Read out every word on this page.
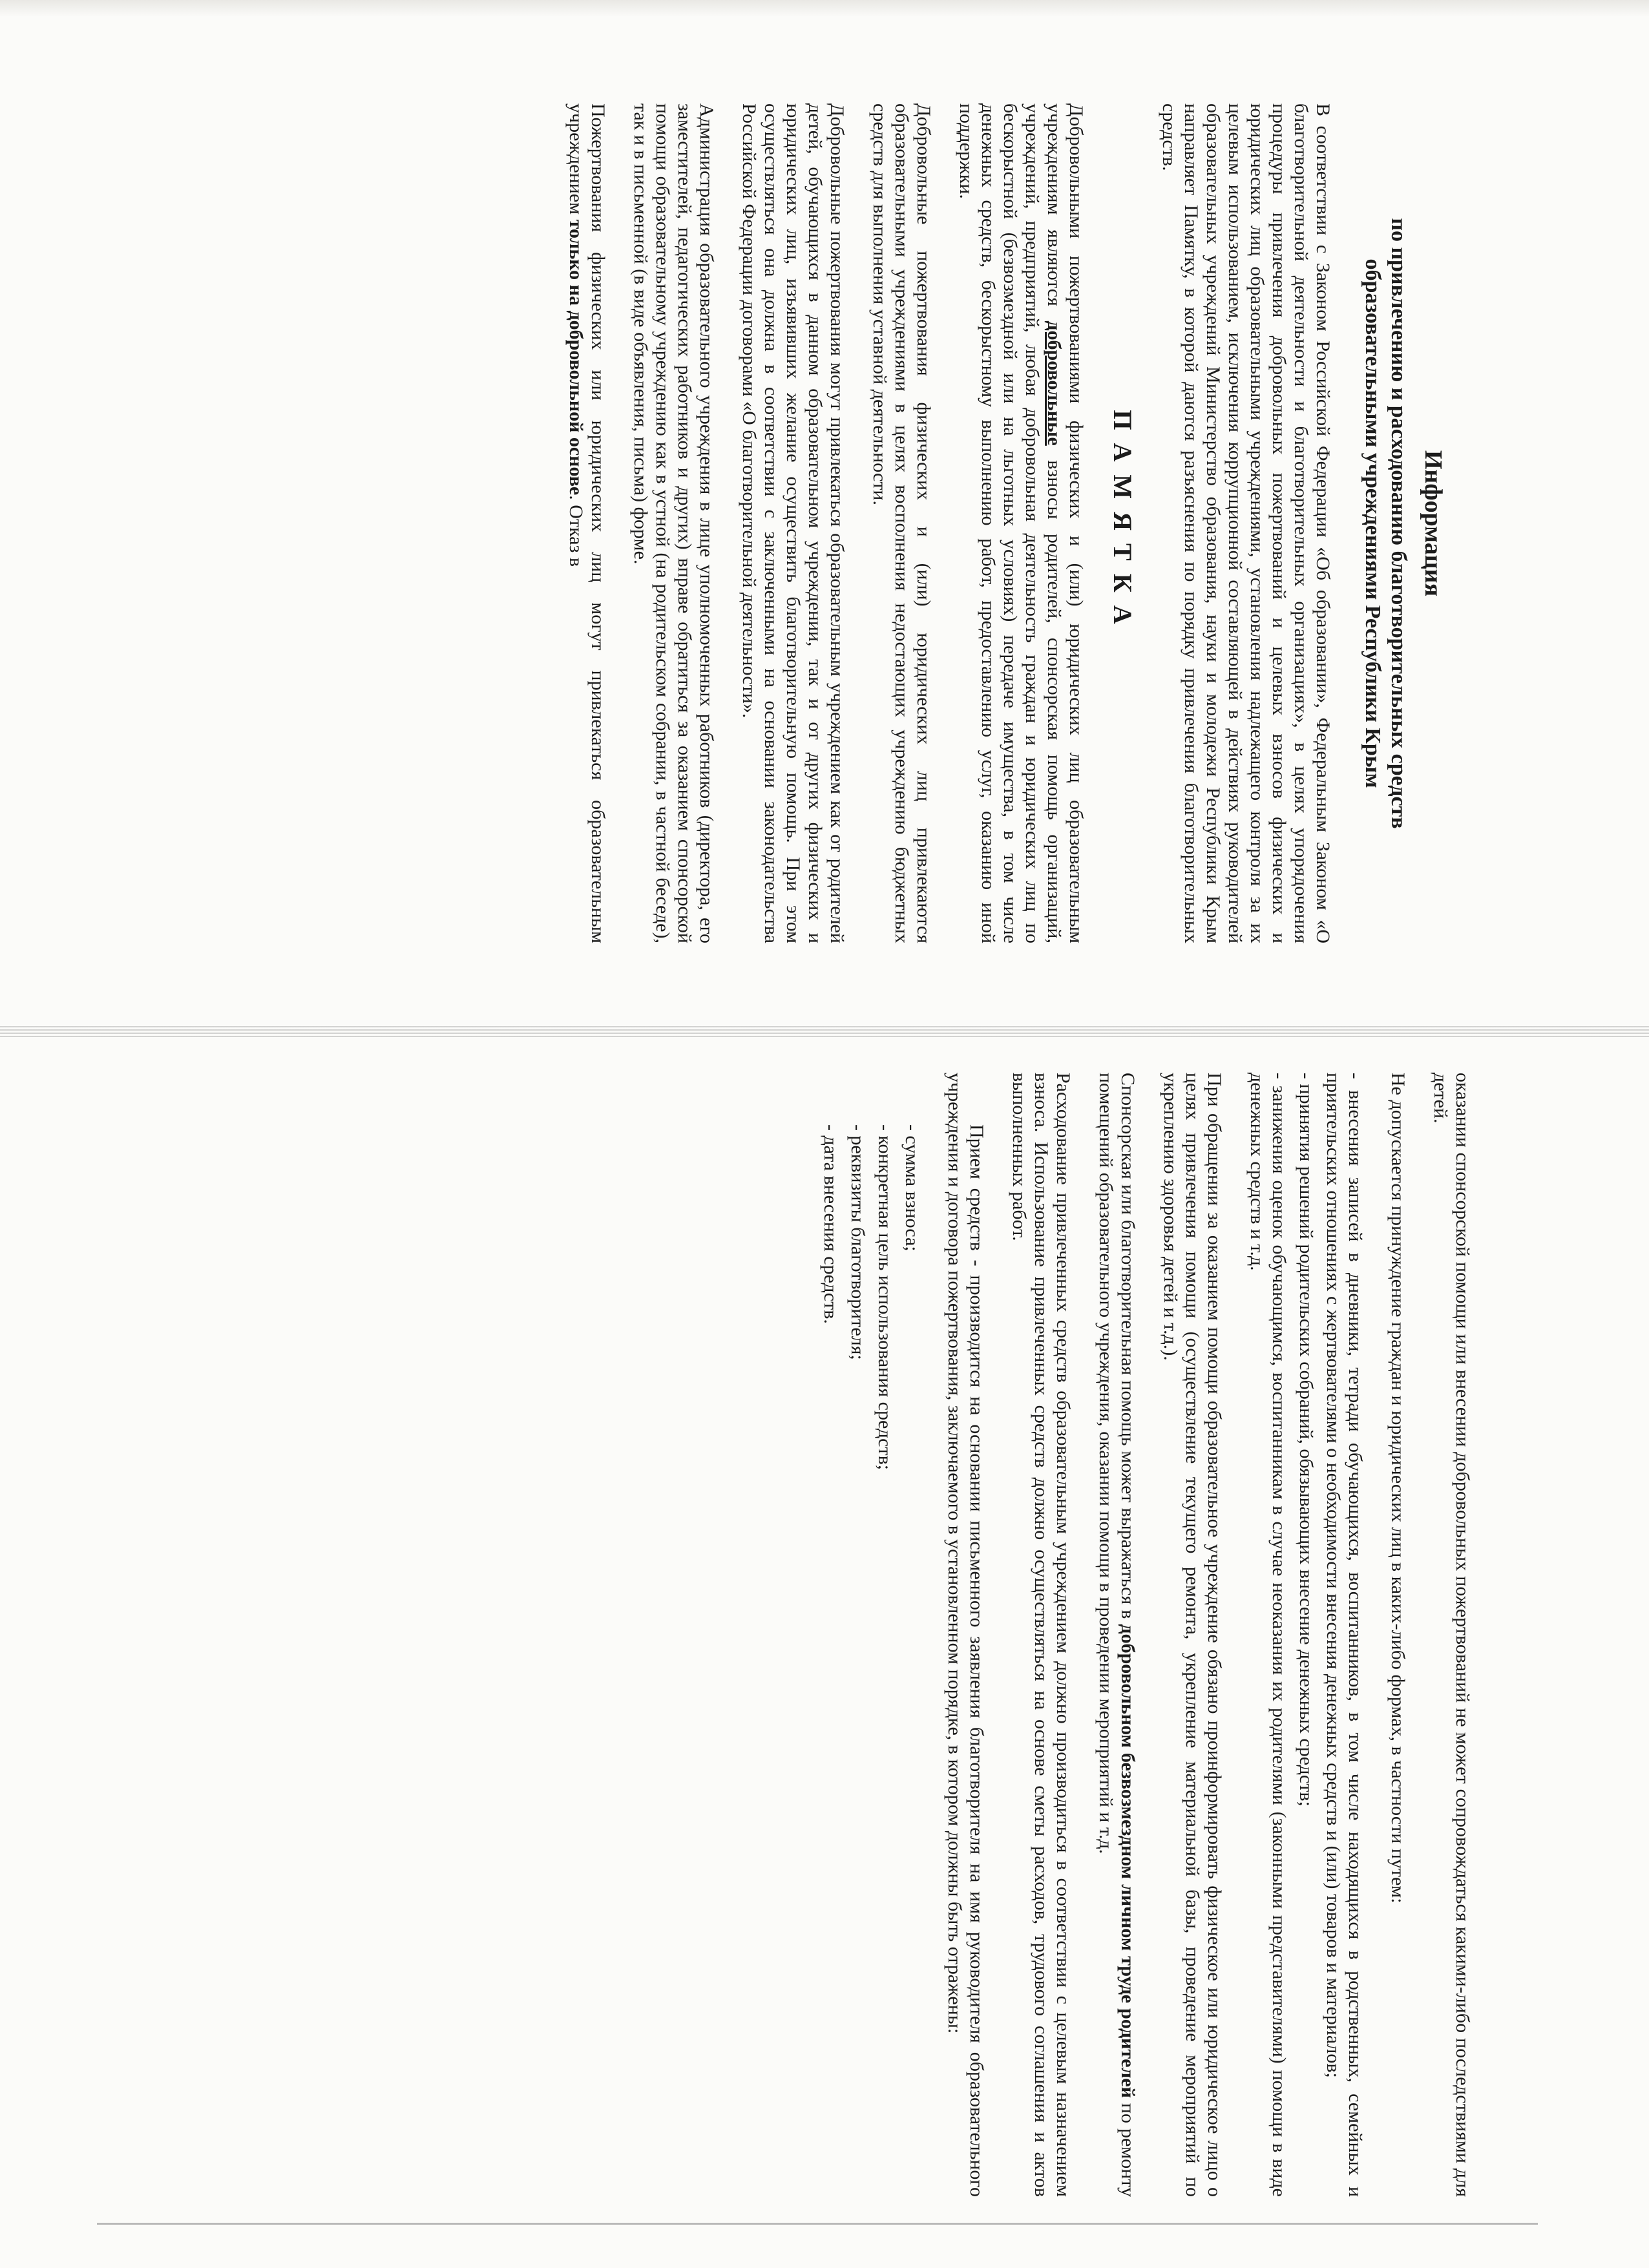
Информация
по привлечению и расходованию благотворительных средств
образовательными учреждениями Республики Крым

В соответствии с Законом Российской Федерации «Об образовании», Федеральным Законом «О благотворительной деятельности и благотворительных организациях», в целях упорядочения процедуры привлечения добровольных пожертвований и целевых взносов физических и юридических лиц образовательными учреждениями, установления надлежащего контроля за их целевым использованием, исключения коррупционной составляющей в действиях руководителей образовательных учреждений Министерство образования, науки и молодежи Республики Крым направляет Памятку, в которой даются разъяснения по порядку привлечения благотворительных средств.

ПАМЯТКА

Добровольными пожертвованиями физических и (или) юридических лиц образовательным учреждениям являются добровольные взносы родителей, спонсорская помощь организаций, учреждений, предприятий, любая добровольная деятельность граждан и юридических лиц по бескорыстной (безвозмездной или на льготных условиях) передаче имущества, в том числе денежных средств, бескорыстному выполнению работ, предоставлению услуг, оказанию иной поддержки.

Добровольные пожертвования физических и (или) юридических лиц привлекаются образовательными учреждениями в целях восполнения недостающих учреждению бюджетных средств для выполнения уставной деятельности.

Добровольные пожертвования могут привлекаться образовательным учреждением как от родителей детей, обучающихся в данном образовательном учреждении, так и от других физических и юридических лиц, изъявивших желание осуществить благотворительную помощь. При этом осуществляться она должна в соответствии с заключенными на основании законодательства Российской Федерации договорами «О благотворительной деятельности».

Администрация образовательного учреждения в лице уполномоченных работников (директора, его заместителей, педагогических работников и других) вправе обратиться за оказанием спонсорской помощи образовательному учреждению как в устной (на родительском собрании, в частной беседе), так и в письменной (в виде объявления, письма) форме.

Пожертвования физических или юридических лиц могут привлекаться образовательным учреждением только на добровольной основе. Отказ в

оказании спонсорской помощи или внесении добровольных пожертвований не может сопровождаться какими-либо последствиями для детей.

Не допускается принуждение граждан и юридических лиц в каких-либо формах, в частности путем:

- внесения записей в дневники, тетради обучающихся, воспитанников, в том числе находящихся в родственных, семейных и приятельских отношениях с жертвователями о необходимости внесения денежных средств и (или) товаров и материалов;
- принятия решений родительских собраний, обязывающих внесение денежных средств;
- занижения оценок обучающимся, воспитанникам в случае неоказания их родителями (законными представителями) помощи в виде денежных средств и т.д.

При обращении за оказанием помощи образовательное учреждение обязано проинформировать физическое или юридическое лицо о целях привлечения помощи (осуществление текущего ремонта, укрепление материальной базы, проведение мероприятий по укреплению здоровья детей и т.д.).

Спонсорская или благотворительная помощь может выражаться в добровольном безвозмездном личном труде родителей по ремонту помещений образовательного учреждения, оказании помощи в проведении мероприятий и т.д.

Расходование привлеченных средств образовательным учреждением должно производиться в соответствии с целевым назначением взноса. Использование привлеченных средств должно осуществляться на основе сметы расходов, трудового соглашения и актов выполненных работ.

Прием средств - производится на основании письменного заявления благотворителя на имя руководителя образовательного учреждения и договора пожертвования, заключаемого в установленном порядке, в котором должны быть отражены:

- сумма взноса;
- конкретная цель использования средств;
- реквизиты благотворителя;
- дата внесения средств.
